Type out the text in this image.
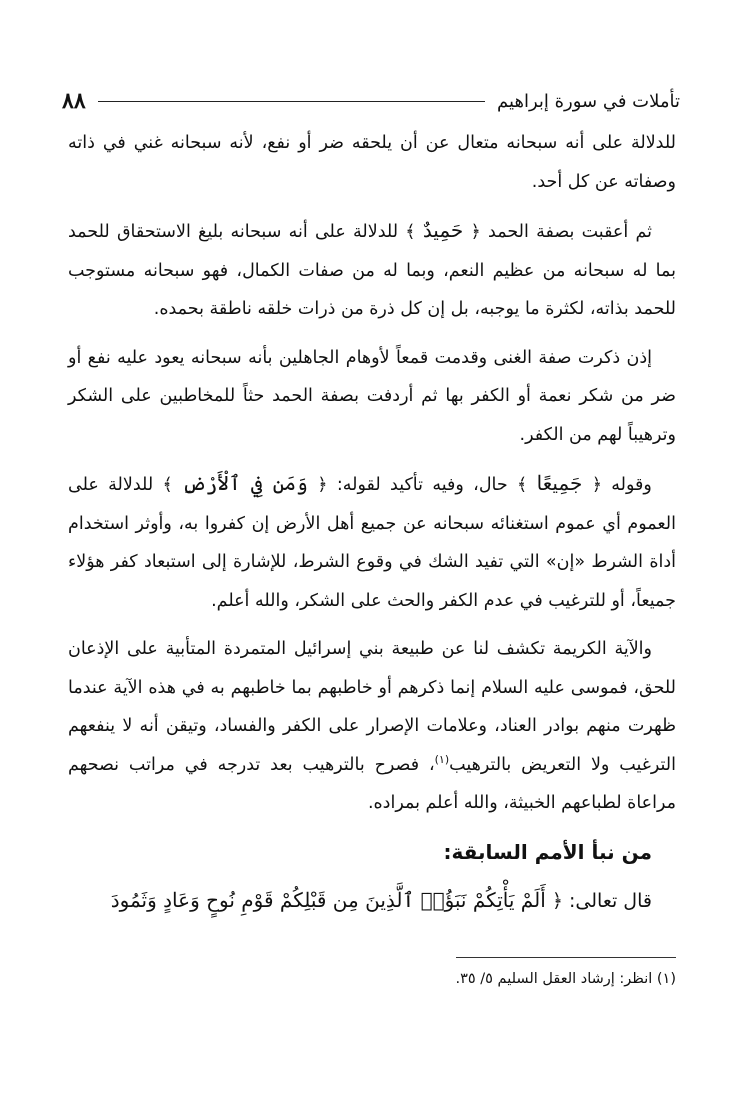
٨٨	تأملات في سورة إبراهيم

للدلالة على أنه سبحانه متعال عن أن يلحقه ضر أو نفع، لأنه سبحانه غني في ذاته وصفاته عن كل أحد.

ثم أعقبت بصفة الحمد ﴿ حَمِيدٌ ﴾ للدلالة على أنه سبحانه بليغ الاستحقاق للحمد بما له سبحانه من عظيم النعم، وبما له من صفات الكمال، فهو سبحانه مستوجب للحمد بذاته، لكثرة ما يوجبه، بل إن كل ذرة من ذرات خلقه ناطقة بحمده.

إذن ذكرت صفة الغنى وقدمت قمعاً لأوهام الجاهلين بأنه سبحانه يعود عليه نفع أو ضر من شكر نعمة أو الكفر بها ثم أردفت بصفة الحمد حثاً للمخاطبين على الشكر وترهيباً لهم من الكفر.

وقوله ﴿ جَمِيعًا ﴾ حال، وفيه تأكيد لقوله: ﴿ وَمَن فِي ٱلْأَرْضِ ﴾ للدلالة على العموم أي عموم استغنائه سبحانه عن جميع أهل الأرض إن كفروا به، وأوثر استخدام أداة الشرط «إن» التي تفيد الشك في وقوع الشرط، للإشارة إلى استبعاد كفر هؤلاء جميعاً، أو للترغيب في عدم الكفر والحث على الشكر، والله أعلم.

والآية الكريمة تكشف لنا عن طبيعة بني إسرائيل المتمردة المتأبية على الإذعان للحق، فموسى عليه السلام إنما ذكرهم أو خاطبهم بما خاطبهم به في هذه الآية عندما ظهرت منهم بوادر العناد، وعلامات الإصرار على الكفر والفساد، وتيقن أنه لا ينفعهم الترغيب ولا التعريض بالترهيب$^{(١)}$، فصرح بالترهيب بعد تدرجه في مراتب نصحهم مراعاة لطباعهم الخبيثة، والله أعلم بمراده.

من نبأ الأمم السابقة:

قال تعالى: ﴿ أَلَمْ يَأْتِكُمْ نَبَؤُا۟ ٱلَّذِينَ مِن قَبْلِكُمْ قَوْمِ نُوحٍ وَعَادٍ وَثَمُودَ

(١) انظر: إرشاد العقل السليم ٥/ ٣٥.
